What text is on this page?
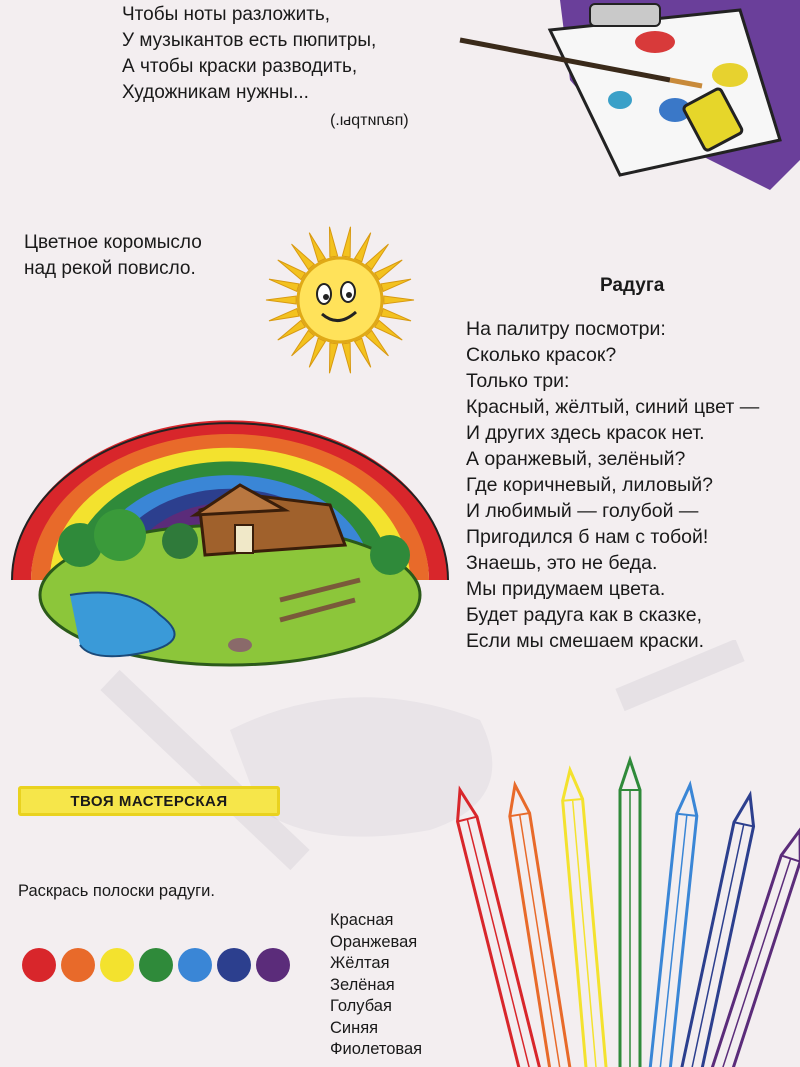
Чтобы ноты разложить,
У музыкантов есть пюпитры,
А чтобы краски разводить,
Художникам нужны...
(палитры.)
Цветное коромысло
над рекой повисло.
Радуга
На палитру посмотри:
Сколько красок?
Только три:
Красный, жёлтый, синий цвет —
И других здесь красок нет.
А оранжевый, зелёный?
Где коричневый, лиловый?
И любимый — голубой —
Пригодился б нам с тобой!
Знаешь, это не беда.
Мы придумаем цвета.
Будет радуга как в сказке,
Если мы смешаем краски.
ТВОЯ МАСТЕРСКАЯ
Раскрась полоски радуги.
Красная
Оранжевая
Жёлтая
Зелёная
Голубая
Синяя
Фиолетовая
